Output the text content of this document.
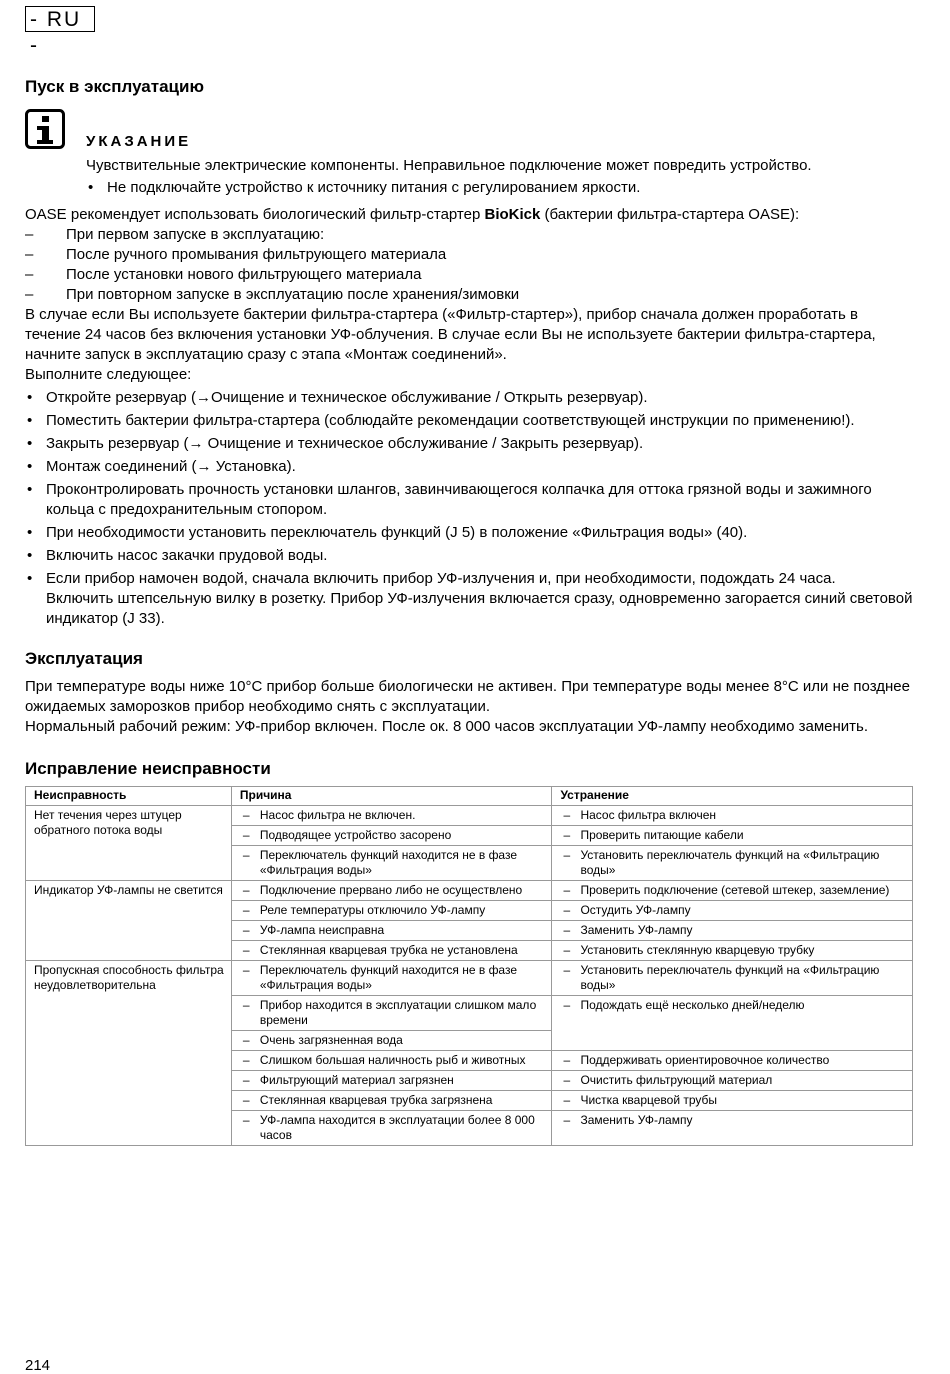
- RU -
Пуск в эксплуатацию
УКАЗАНИЕ
Чувствительные электрические компоненты. Неправильное подключение может повредить устройство.
• Не подключайте устройство к источнику питания с регулированием яркости.
OASE рекомендует использовать биологический фильтр-стартер BioKick (бактерии фильтра-стартера OASE):
– При первом запуске в эксплуатацию:
– После ручного промывания фильтрующего материала
– После установки нового фильтрующего материала
– При повторном запуске в эксплуатацию после хранения/зимовки
В случае если Вы используете бактерии фильтра-стартера («Фильтр-стартер»), прибор сначала должен проработать в течение 24 часов без включения установки УФ-облучения. В случае если Вы не используете бактерии фильтра-стартера, начните запуск в эксплуатацию сразу с этапа «Монтаж соединений».
Выполните следующее:
• Откройте резервуар (→Очищение и техническое обслуживание / Открыть резервуар).
• Поместить бактерии фильтра-стартера (соблюдайте рекомендации соответствующей инструкции по применению!).
• Закрыть резервуар (→ Очищение и техническое обслуживание / Закрыть резервуар).
• Монтаж соединений (→ Установка).
• Проконтролировать прочность установки шлангов, завинчивающегося колпачка для оттока грязной воды и зажимного кольца с предохранительным стопором.
• При необходимости установить переключатель функций (J 5) в положение «Фильтрация воды» (40).
• Включить насос закачки прудовой воды.
• Если прибор намочен водой, сначала включить прибор УФ-излучения и, при необходимости, подождать 24 часа.
Включить штепсельную вилку в розетку. Прибор УФ-излучения включается сразу, одновременно загорается синий световой индикатор (J 33).
Эксплуатация
При температуре воды ниже 10°C прибор больше биологически не активен. При температуре воды менее 8°C или не позднее ожидаемых заморозков прибор необходимо снять с эксплуатации.
Нормальный рабочий режим: УФ-прибор включен. После ок. 8 000 часов эксплуатации УФ-лампу необходимо заменить.
Исправление неисправности
Неисправность	Причина	Устранение
Нет течения через штуцер обратного потока воды	– Насос фильтра не включен.	– Насос фильтра включен
	– Подводящее устройство засорено	– Проверить питающие кабели
	– Переключатель функций находится не в фазе «Фильтрация воды»	– Установить переключатель функций на «Фильтрацию воды»
Индикатор УФ-лампы не светится	– Подключение прервано либо не осуществлено	– Проверить подключение (сетевой штекер, заземление)
	– Реле температуры отключило УФ-лампу	– Остудить УФ-лампу
	– УФ-лампа неисправна	– Заменить УФ-лампу
	– Стеклянная кварцевая трубка не установлена	– Установить стеклянную кварцевую трубку
Пропускная способность фильтра неудовлетворительна	– Переключатель функций находится не в фазе «Фильтрация воды»	– Установить переключатель функций на «Фильтрацию воды»
	– Прибор находится в эксплуатации слишком мало времени	– Подождать ещё несколько дней/неделю
	– Очень загрязненная вода
	– Слишком большая наличность рыб и животных	– Поддерживать ориентировочное количество
	– Фильтрующий материал загрязнен	– Очистить фильтрующий материал
	– Стеклянная кварцевая трубка загрязнена	– Чистка кварцевой трубы
	– УФ-лампа находится в эксплуатации более 8 000 часов	– Заменить УФ-лампу
214
